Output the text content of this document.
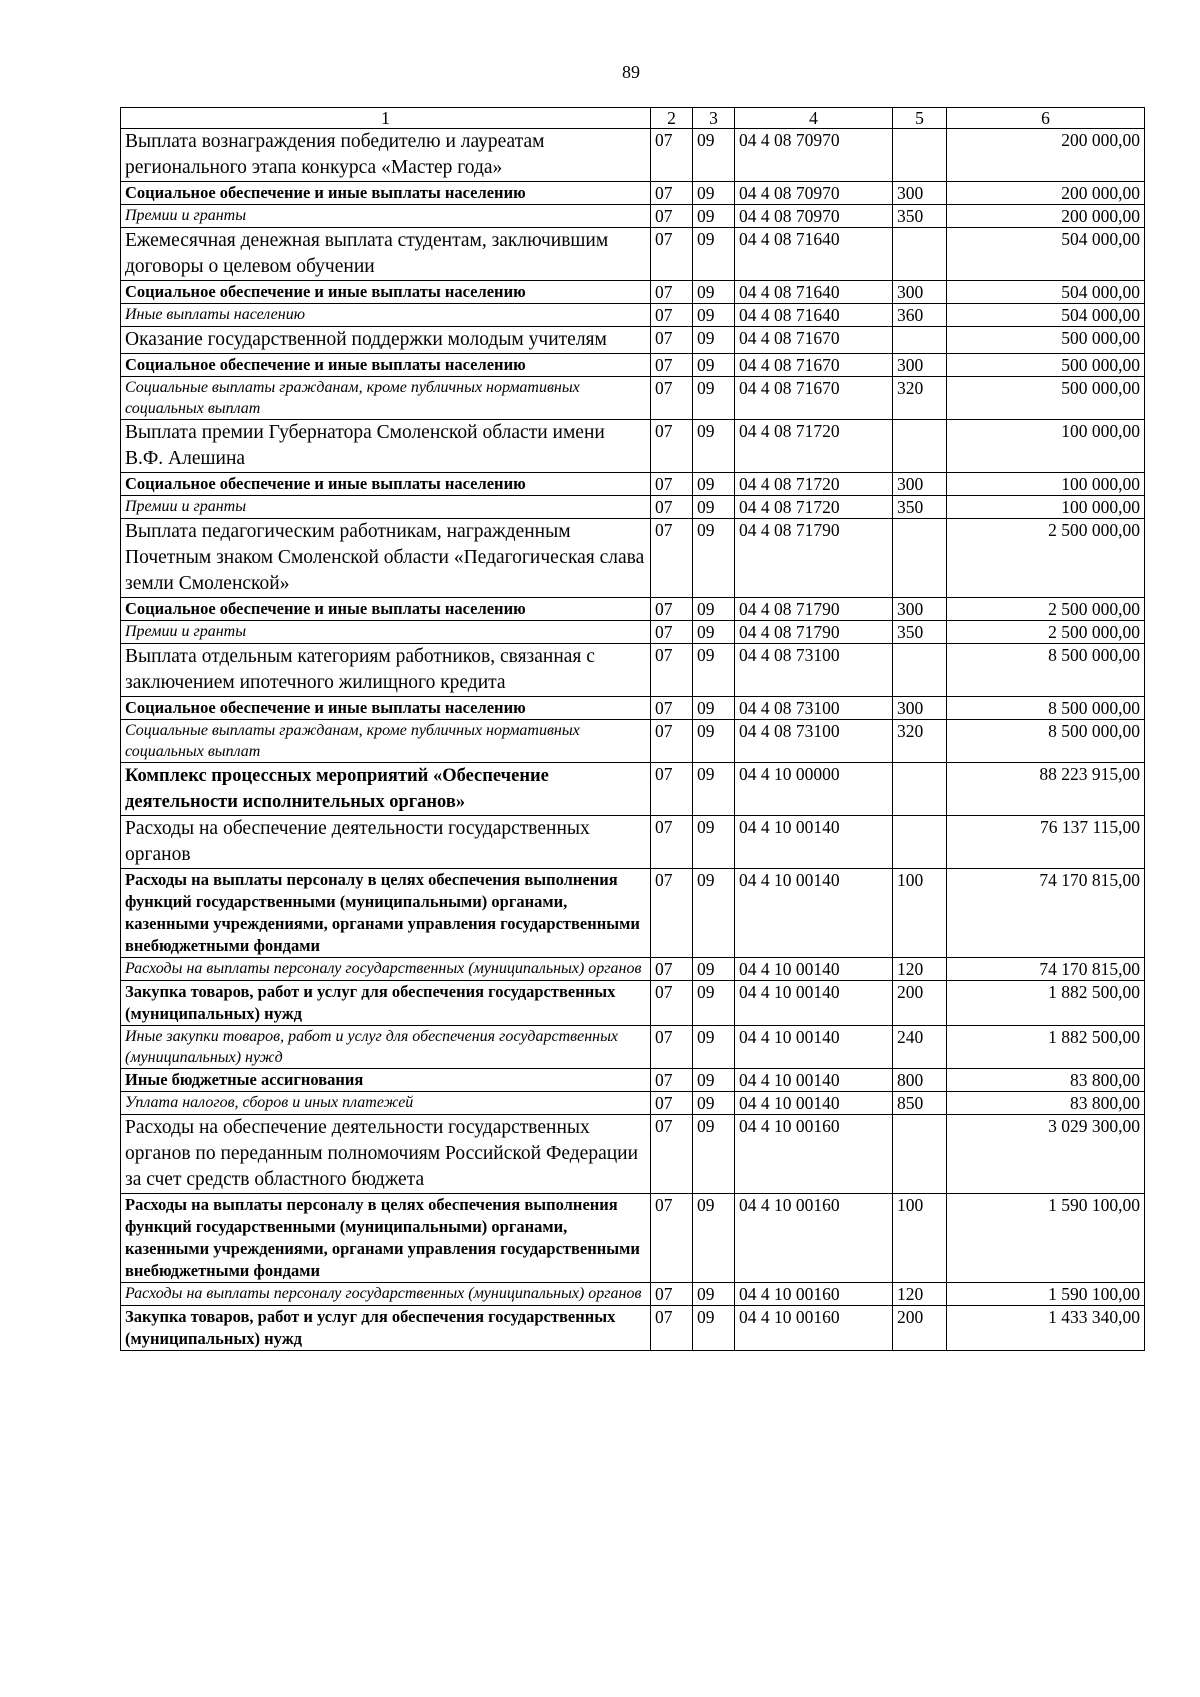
89
1	2	3	4	5	6
Выплата вознаграждения победителю и лауреатам регионального этапа конкурса «Мастер года»	07	09	04 4 08 70970		200 000,00
Социальное обеспечение и иные выплаты населению	07	09	04 4 08 70970	300	200 000,00
Премии и гранты	07	09	04 4 08 70970	350	200 000,00
Ежемесячная денежная выплата студентам, заключившим договоры о целевом обучении	07	09	04 4 08 71640		504 000,00
Социальное обеспечение и иные выплаты населению	07	09	04 4 08 71640	300	504 000,00
Иные выплаты населению	07	09	04 4 08 71640	360	504 000,00
Оказание государственной поддержки молодым учителям	07	09	04 4 08 71670		500 000,00
Социальное обеспечение и иные выплаты населению	07	09	04 4 08 71670	300	500 000,00
Социальные выплаты гражданам, кроме публичных нормативных социальных выплат	07	09	04 4 08 71670	320	500 000,00
Выплата премии Губернатора Смоленской области имени В.Ф. Алешина	07	09	04 4 08 71720		100 000,00
Социальное обеспечение и иные выплаты населению	07	09	04 4 08 71720	300	100 000,00
Премии и гранты	07	09	04 4 08 71720	350	100 000,00
Выплата педагогическим работникам, награжденным Почетным знаком Смоленской области «Педагогическая слава земли Смоленской»	07	09	04 4 08 71790		2 500 000,00
Социальное обеспечение и иные выплаты населению	07	09	04 4 08 71790	300	2 500 000,00
Премии и гранты	07	09	04 4 08 71790	350	2 500 000,00
Выплата отдельным категориям работников, связанная с заключением ипотечного жилищного кредита	07	09	04 4 08 73100		8 500 000,00
Социальное обеспечение и иные выплаты населению	07	09	04 4 08 73100	300	8 500 000,00
Социальные выплаты гражданам, кроме публичных нормативных социальных выплат	07	09	04 4 08 73100	320	8 500 000,00
Комплекс процессных мероприятий «Обеспечение деятельности исполнительных органов»	07	09	04 4 10 00000		88 223 915,00
Расходы на обеспечение деятельности государственных органов	07	09	04 4 10 00140		76 137 115,00
Расходы на выплаты персоналу в целях обеспечения выполнения функций государственными (муниципальными) органами, казенными учреждениями, органами управления государственными внебюджетными фондами	07	09	04 4 10 00140	100	74 170 815,00
Расходы на выплаты персоналу государственных (муниципальных) органов	07	09	04 4 10 00140	120	74 170 815,00
Закупка товаров, работ и услуг для обеспечения государственных (муниципальных) нужд	07	09	04 4 10 00140	200	1 882 500,00
Иные закупки товаров, работ и услуг для обеспечения государственных (муниципальных) нужд	07	09	04 4 10 00140	240	1 882 500,00
Иные бюджетные ассигнования	07	09	04 4 10 00140	800	83 800,00
Уплата налогов, сборов и иных платежей	07	09	04 4 10 00140	850	83 800,00
Расходы на обеспечение деятельности государственных органов по переданным полномочиям Российской Федерации за счет средств областного бюджета	07	09	04 4 10 00160		3 029 300,00
Расходы на выплаты персоналу в целях обеспечения выполнения функций государственными (муниципальными) органами, казенными учреждениями, органами управления государственными внебюджетными фондами	07	09	04 4 10 00160	100	1 590 100,00
Расходы на выплаты персоналу государственных (муниципальных) органов	07	09	04 4 10 00160	120	1 590 100,00
Закупка товаров, работ и услуг для обеспечения государственных (муниципальных) нужд	07	09	04 4 10 00160	200	1 433 340,00
